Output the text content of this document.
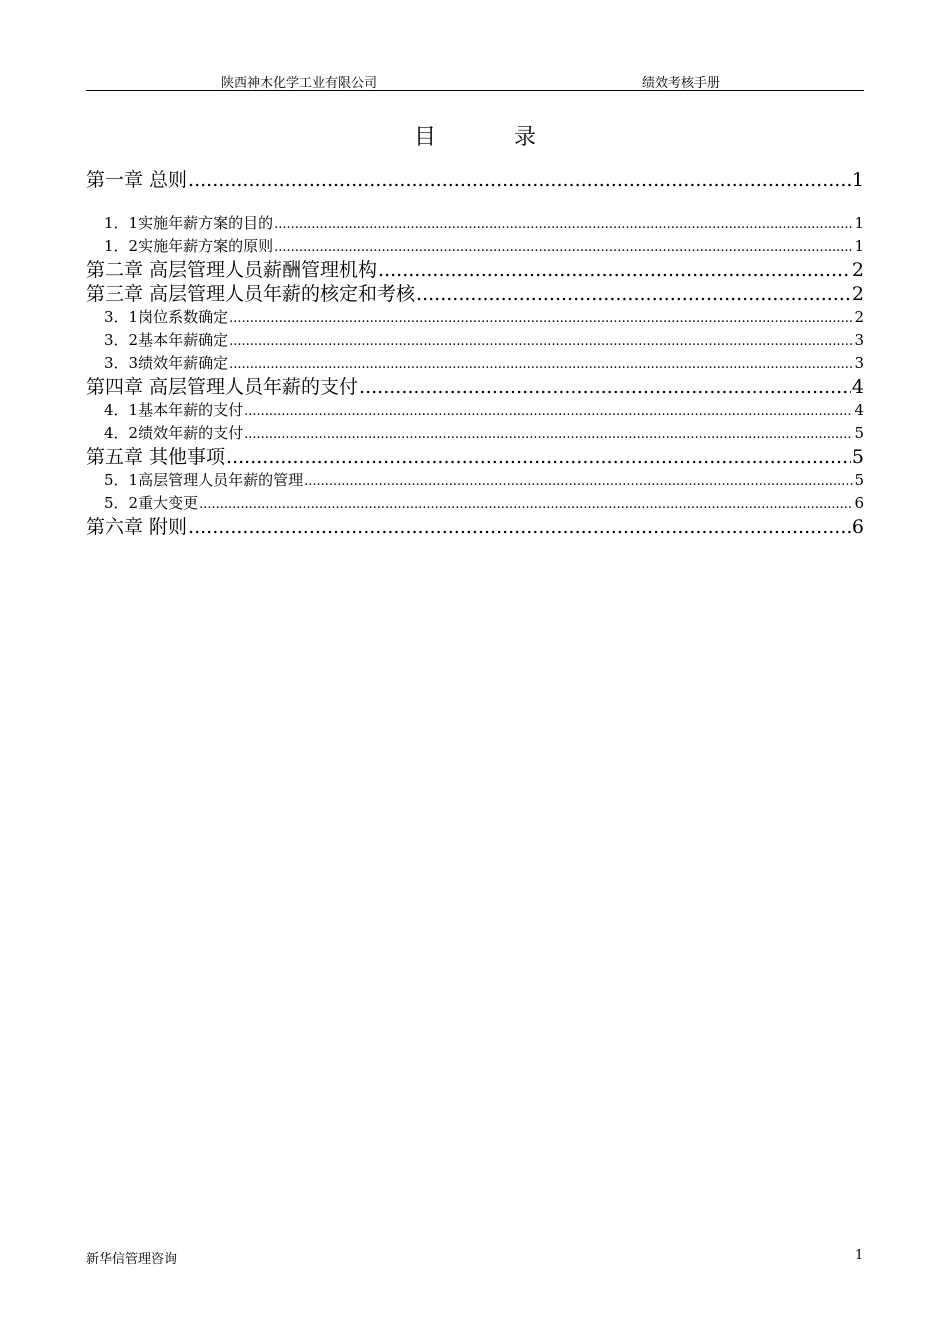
陕西神木化学工业有限公司	绩效考核手册
目	录
第一章 总则 .....	1
1．1实施年薪方案的目的 .....	1
1．2实施年薪方案的原则 .....	1
第二章 高层管理人员薪酬管理机构 .....	2
第三章 高层管理人员年薪的核定和考核 .....	2
3．1岗位系数确定 .....	2
3．2基本年薪确定 .....	3
3．3绩效年薪确定 .....	3
第四章 高层管理人员年薪的支付 .....	4
4．1基本年薪的支付 .....	4
4．2绩效年薪的支付 .....	5
第五章 其他事项 .....	5
5．1高层管理人员年薪的管理 .....	5
5．2重大变更 .....	6
第六章 附则 .....	6
新华信管理咨询	1
